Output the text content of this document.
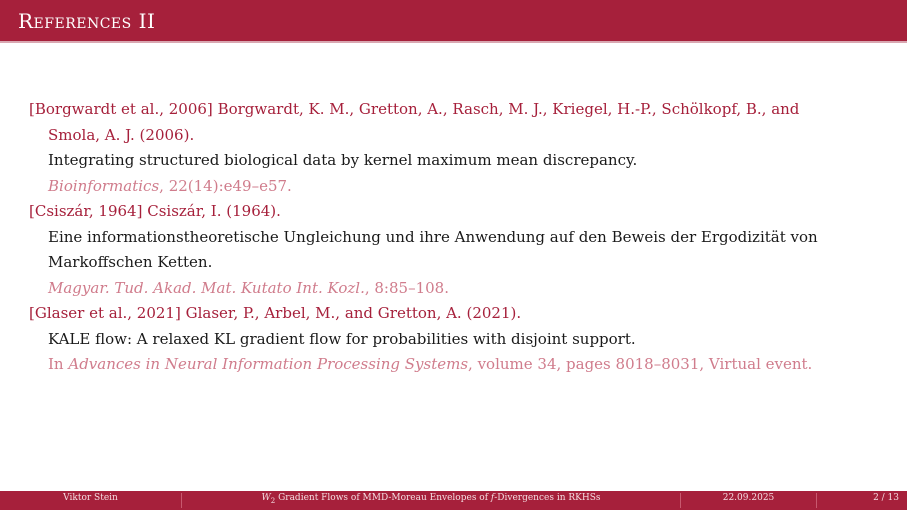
References II
[Borgwardt et al., 2006] Borgwardt, K. M., Gretton, A., Rasch, M. J., Kriegel, H.-P., Schölkopf, B., and
Smola, A. J. (2006).
Integrating structured biological data by kernel maximum mean discrepancy.
Bioinformatics, 22(14):e49–e57.
[Csiszár, 1964] Csiszár, I. (1964).
Eine informationstheoretische Ungleichung und ihre Anwendung auf den Beweis der Ergodizität von
Markoffschen Ketten.
Magyar. Tud. Akad. Mat. Kutato Int. Kozl., 8:85–108.
[Glaser et al., 2021] Glaser, P., Arbel, M., and Gretton, A. (2021).
KALE flow: A relaxed KL gradient flow for probabilities with disjoint support.
In Advances in Neural Information Processing Systems, volume 34, pages 8018–8031, Virtual event.
Viktor Stein	$W_2$ Gradient Flows of MMD-Moreau Envelopes of f-Divergences in RKHSs	22.09.2025	2 / 13
